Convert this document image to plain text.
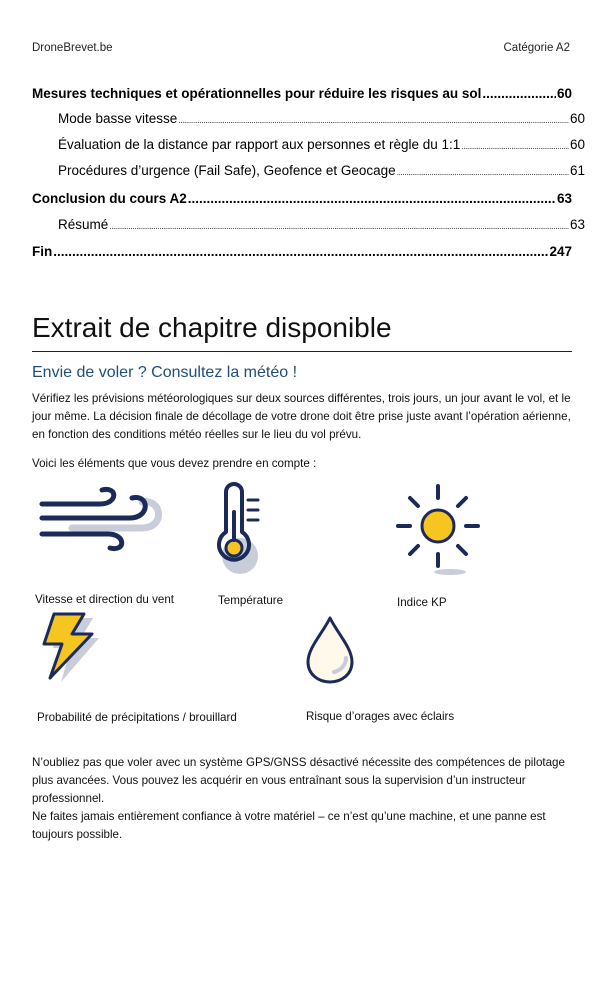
DroneBrevet.be	Catégorie A2
Mesures techniques et opérationnelles pour réduire les risques au sol .....	60
Mode basse vitesse .....	60
Évaluation de la distance par rapport aux personnes et règle du 1:1 .....	60
Procédures d’urgence (Fail Safe), Geofence et Geocage .....	61
Conclusion du cours A2 .....	63
Résumé .....	63
Fin .....	247
Extrait de chapitre disponible
Envie de voler ? Consultez la météo !
Vérifiez les prévisions météorologiques sur deux sources différentes, trois jours, un jour avant le vol, et le jour même. La décision finale de décollage de votre drone doit être prise juste avant l’opération aérienne, en fonction des conditions météo réelles sur le lieu du vol prévu.
Voici les éléments que vous devez prendre en compte :
Vitesse et direction du vent	Température	Indice KP
Probabilité de précipitations / brouillard	Risque d’orages avec éclairs
N’oubliez pas que voler avec un système GPS/GNSS désactivé nécessite des compétences de pilotage plus avancées. Vous pouvez les acquérir en vous entraînant sous la supervision d’un instructeur professionnel.
Ne faites jamais entièrement confiance à votre matériel – ce n’est qu’une machine, et une panne est toujours possible.
